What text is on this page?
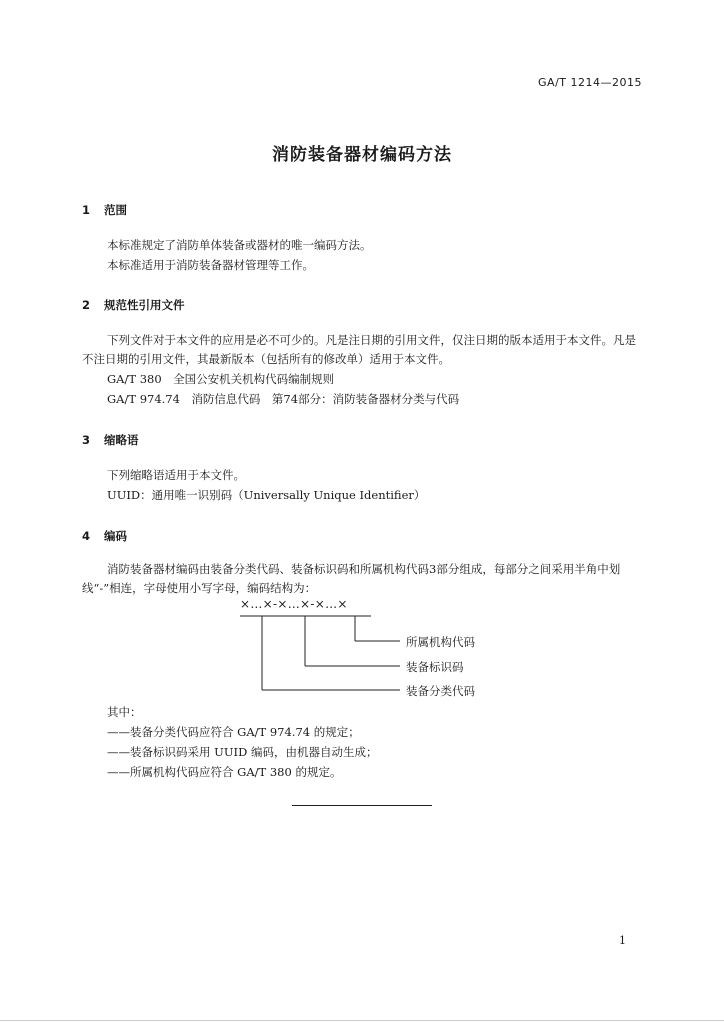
GA/T 1214—2015
消防装备器材编码方法
1 范围
本标准规定了消防单体装备或器材的唯一编码方法。
本标准适用于消防装备器材管理等工作。
2 规范性引用文件
下列文件对于本文件的应用是必不可少的。凡是注日期的引用文件，仅注日期的版本适用于本文件。凡是不注日期的引用文件，其最新版本（包括所有的修改单）适用于本文件。
GA/T 380　 全国公安机关机构代码编制规则
GA/T 974.74　 消防信息代码　第74部分：消防装备器材分类与代码
3 缩略语
下列缩略语适用于本文件。
UUID：通用唯一识别码（Universally Unique Identifier）
4 编码
消防装备器材编码由装备分类代码、装备标识码和所属机构代码3部分组成，每部分之间采用半角中划线“-”相连，字母使用小写字母，编码结构为：
×…×-×…×-×…×
所属机构代码
装备标识码
装备分类代码
其中：
——装备分类代码应符合 GA/T 974.74 的规定；
——装备标识码采用 UUID 编码，由机器自动生成；
——所属机构代码应符合 GA/T 380 的规定。
1
